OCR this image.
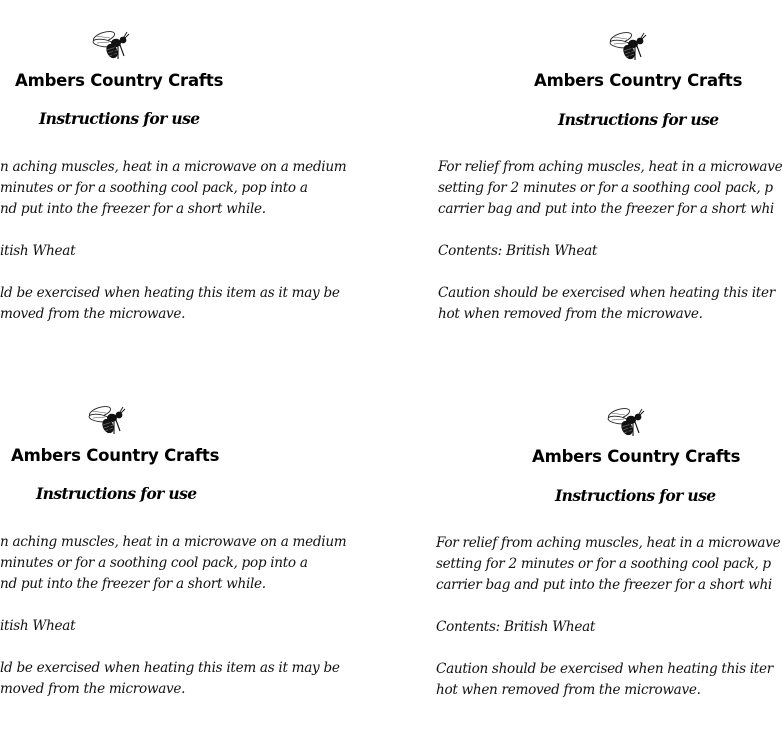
Ambers Country Crafts
Instructions for use
n aching muscles, heat in a microwave on a medium
minutes or for a soothing cool pack, pop into a
nd put into the freezer for a short while.
itish Wheat
ld be exercised when heating this item as it may be
moved from the microwave.
Ambers Country Crafts
Instructions for use
For relief from aching muscles, heat in a microwave
setting for 2 minutes or for a soothing cool pack, p
carrier bag and put into the freezer for a short whi
Contents: British Wheat
Caution should be exercised when heating this iter
hot when removed from the microwave.
Ambers Country Crafts
Instructions for use
n aching muscles, heat in a microwave on a medium
minutes or for a soothing cool pack, pop into a
nd put into the freezer for a short while.
itish Wheat
ld be exercised when heating this item as it may be
moved from the microwave.
Ambers Country Crafts
Instructions for use
For relief from aching muscles, heat in a microwave
setting for 2 minutes or for a soothing cool pack, p
carrier bag and put into the freezer for a short whi
Contents: British Wheat
Caution should be exercised when heating this iter
hot when removed from the microwave.
